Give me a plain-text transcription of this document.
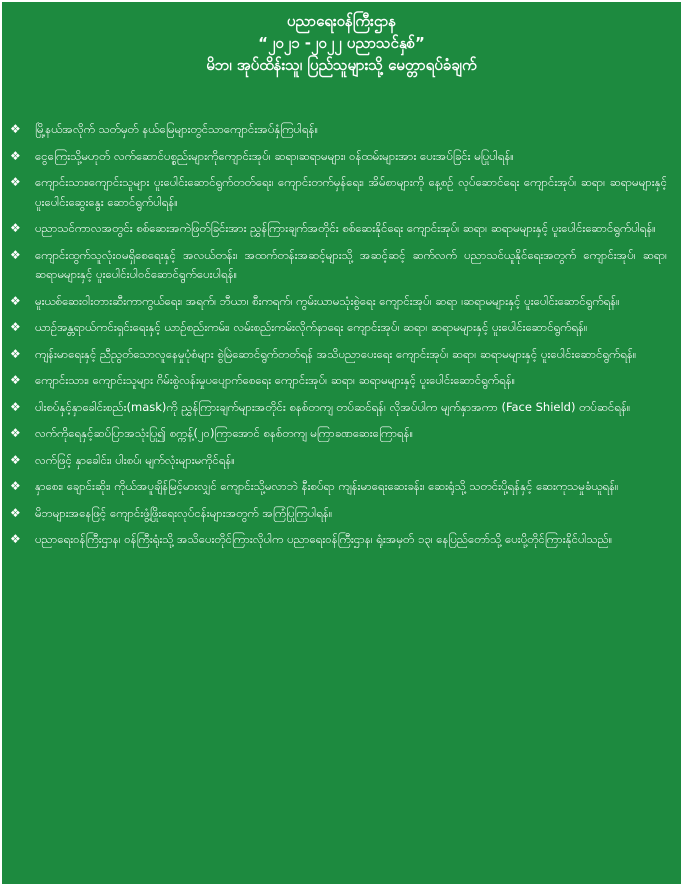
ပညာရေးဝန်ကြီးဌာန
“၂၀၂၁ -၂၀၂၂ ပညာသင်နှစ်”
မိဘ၊ အုပ်ထိန်းသူ၊ ပြည်သူများသို့ မေတ္တာရပ်ခံချက်
❖ မြို့နယ်အလိုက် သတ်မှတ် နယ်မြေများတွင်သာကျောင်းအပ်နှံကြပါရန်။
❖ ငွေကြေးသို့မဟုတ် လက်ဆောင်ပစ္စည်းများကိုကျောင်းအုပ်၊ ဆရာ၊ဆရာမများ၊ ဝန်ထမ်းများအား ပေးအပ်ခြင်း မပြုပါရန်။
❖ ကျောင်းသား၊ကျောင်းသူများ ပူးပေါင်းဆောင်ရွက်တတ်ရေး၊ ကျောင်းတက်မှန်ရေး၊ အိမ်စာများကို နေ့စဉ် လုပ်ဆောင်ရေး ကျောင်းအုပ်၊ ဆရာ၊ ဆရာမများနှင့် ပူးပေါင်းဆွေးနွေး ဆောင်ရွက်ပါရန်။
❖ ပညာသင်ကာလအတွင်း စစ်ဆေးအကဲဖြတ်ခြင်းအား ညွှန်ကြားချက်အတိုင်း စစ်ဆေးနိုင်ရေး ကျောင်းအုပ်၊ ဆရာ၊ ဆရာမများနှင့် ပူးပေါင်းဆောင်ရွက်ပါရန်။
❖ ကျောင်းထွက်သူလုံးဝမရှိစေရေးနှင့် အလယ်တန်း၊ အထက်တန်းအဆင့်များသို့ အဆင့်ဆင့် ဆက်လက် ပညာသင်ယူနိုင်ရေးအတွက် ကျောင်းအုပ်၊ ဆရာ၊ ဆရာမများနှင့် ပူးပေါင်းပါဝင်ဆောင်ရွက်ပေးပါရန်။
❖ မူးယစ်ဆေးဝါးတားဆီးကာကွယ်ရေး၊ အရက်၊ ဘီယာ၊ စီးကရက်၊ ကွမ်းယာမသုံးစွဲရေး ကျောင်းအုပ်၊ ဆရာ ၊ဆရာမများနှင့် ပူးပေါင်းဆောင်ရွက်ရန်။
❖ ယာဉ်အန္တရာယ်ကင်းရှင်းရေးနှင့် ယာဉ်စည်းကမ်း၊ လမ်းစည်းကမ်းလိုက်နာရေး ကျောင်းအုပ်၊ ဆရာ၊ ဆရာမများနှင့် ပူးပေါင်းဆောင်ရွက်ရန်။
❖ ကျန်းမာရေးနှင့် ညီညွတ်သောလူနေမှုပုံစံများ စွဲမြဲဆောင်ရွက်တတ်ရန် အသိပညာပေးရေး ကျောင်းအုပ်၊ ဆရာ၊ ဆရာမများနှင့် ပူးပေါင်းဆောင်ရွက်ရန်။
❖ ကျောင်းသား၊ ကျောင်းသူများ ဂိမ်းစွဲလန်းမှုပပျောက်စေရေး ကျောင်းအုပ်၊ ဆရာ၊ ဆရာမများနှင့် ပူးပေါင်းဆောင်ရွက်ရန်။
❖ ပါးစပ်နှင့်နှာခေါင်းစည်း(mask)ကို ညွှန်ကြားချက်များအတိုင်း စနစ်တကျ တပ်ဆင်ရန်၊ လိုအပ်ပါက မျက်နှာအကာ (Face Shield) တပ်ဆင်ရန်။
❖ လက်ကိုရေနှင့်ဆပ်ပြာအသုံးပြု၍ စက္ကန့်(၂၀)ကြာအောင် စနစ်တကျ မကြာခဏဆေးကြောရန်။
❖ လက်ဖြင့် နှာခေါင်း၊ ပါးစပ်၊ မျက်လုံးများမကိုင်ရန်။
❖ နှာစေး၊ ချောင်းဆိုး၊ ကိုယ်အပူချိန်မြင့်မားလျှင် ကျောင်းသို့မလာဘဲ နီးစပ်ရာ ကျန်းမာရေးဆေးခန်း၊ ဆေးရုံသို့ သတင်းပို့ရန်နှင့် ဆေးကုသမှုခံယူရန်။
❖ မိဘများအနေဖြင့် ကျောင်းဖွံ့ဖြိုးရေးလုပ်ငန်းများအတွက် အကြံပြုကြပါရန်။
❖ ပညာရေးဝန်ကြီးဌာန၊ ဝန်ကြီးရုံးသို့ အသိပေးတိုင်ကြားလိုပါက ပညာရေးဝန်ကြီးဌာန၊ ရုံးအမှတ် ၁၃၊ နေပြည်တော်သို့ ပေးပို့တိုင်ကြားနိုင်ပါသည်။
